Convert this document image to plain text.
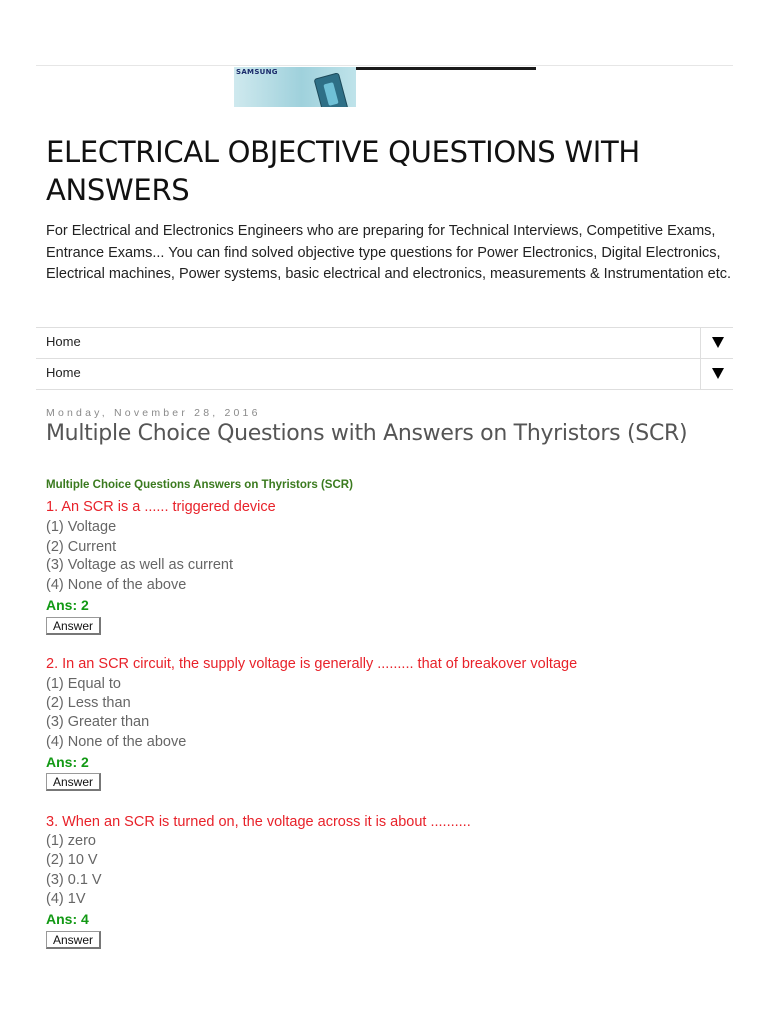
SAMSUNG
ELECTRICAL OBJECTIVE QUESTIONS WITH ANSWERS

For Electrical and Electronics Engineers who are preparing for Technical Interviews, Competitive Exams, Entrance Exams... You can find solved objective type questions for Power Electronics, Digital Electronics, Electrical machines, Power systems, basic electrical and electronics, measurements & Instrumentation etc.

Home
Home
Monday, November 28, 2016
Multiple Choice Questions with Answers on Thyristors (SCR)
Multiple Choice Questions Answers on Thyristors (SCR)
1. An SCR is a ...... triggered device
(1) Voltage
(2) Current
(3) Voltage as well as current
(4) None of the above
Ans: 2
Answer
2. In an SCR circuit, the supply voltage is generally ......... that of breakover voltage
(1) Equal to
(2) Less than
(3) Greater than
(4) None of the above
Ans: 2
Answer
3. When an SCR is turned on, the voltage across it is about ..........
(1) zero
(2) 10 V
(3) 0.1 V
(4) 1V
Ans: 4
Answer
